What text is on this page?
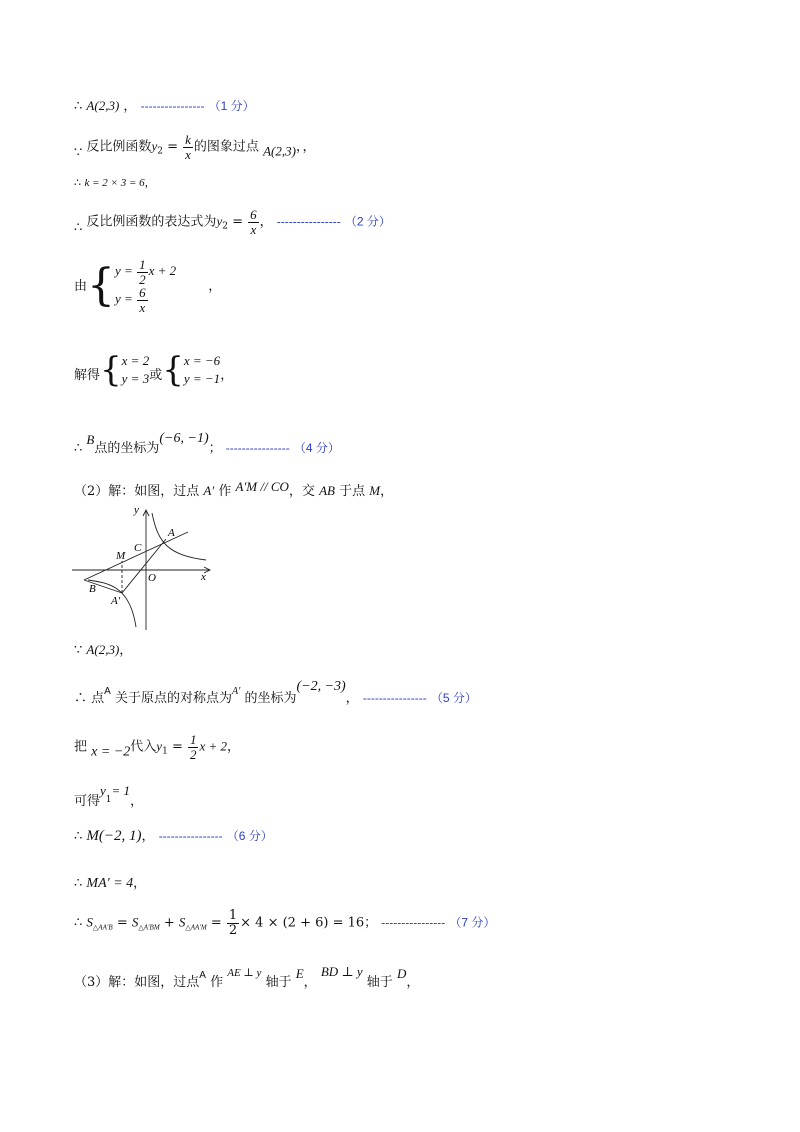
∴ A(2,3) ， ---------------- （1 分）
∵ 反比例函数$y_2 = \frac{k}{x}$ 的图象过点 A(2,3)，，
∴ k = 2 × 3 = 6，
∴ 反比例函数的表达式为$y_2 = \frac{6}{x}$ ， ---------------- （2 分）
由{ $y = \frac{1}{2}$ x + 2
$y = \frac{6}{x}$	，
解得{ x = 2
y = 3 或{ x = −6
y = −1 ，
∴ B点的坐标为(−6, −1)； ---------------- （4 分）
（2）解：如图，过点 A′ 作 A′M // CO，交 AB 于点 M，
y
x
A
C
M
O
B
A′
∵ A(2,3)，
∴ 点$^A$ 关于原点的对称点为$^{A'}$ 的坐标为(−2, −3)， ---------------- （5 分）
把 x = −2代入$y_1 = \frac{1}{2}$ x + 2，
可得$y_1= 1$，
∴ M(−2, 1)， ---------------- （6 分）
∴ MA′ = 4，
∴ $S_{\triangle AA'B} = S_{\triangle A'BM} + S_{\triangle AA'M} = \frac{1}{2} \times 4 \times (2 + 6) = 16$； ---------------- （7 分）
（3）解：如图，过点$^A$ 作 $^{AE \perp y}$ 轴于 E， BD ⊥ y 轴于 D，
